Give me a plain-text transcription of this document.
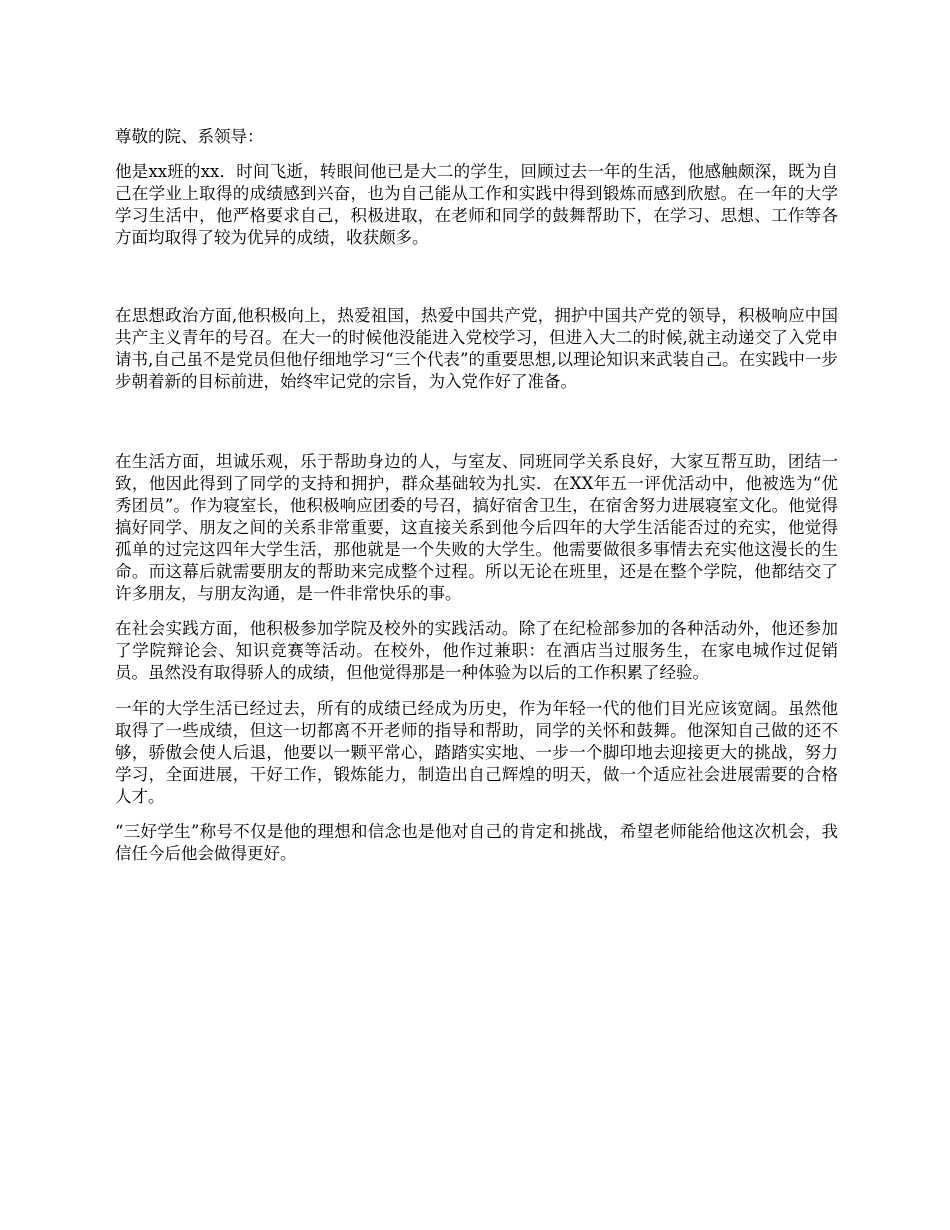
尊敬的院、系领导：

他是xx班的xx．时间飞逝，转眼间他已是大二的学生，回顾过去一年的生活，他感触颇深，既为自己在学业上取得的成绩感到兴奋，也为自己能从工作和实践中得到锻炼而感到欣慰。在一年的大学学习生活中，他严格要求自己，积极进取，在老师和同学的鼓舞帮助下，在学习、思想、工作等各方面均取得了较为优异的成绩，收获颇多。

在思想政治方面,他积极向上，热爱祖国，热爱中国共产党，拥护中国共产党的领导，积极响应中国共产主义青年的号召。在大一的时候他没能进入党校学习，但进入大二的时候,就主动递交了入党申请书,自己虽不是党员但他仔细地学习“三个代表”的重要思想,以理论知识来武装自己。在实践中一步步朝着新的目标前进，始终牢记党的宗旨，为入党作好了准备。

在生活方面，坦诚乐观，乐于帮助身边的人，与室友、同班同学关系良好，大家互帮互助，团结一致，他因此得到了同学的支持和拥护，群众基础较为扎实．在XX年五一评优活动中，他被选为“优秀团员”。作为寝室长，他积极响应团委的号召，搞好宿舍卫生，在宿舍努力进展寝室文化。他觉得搞好同学、朋友之间的关系非常重要，这直接关系到他今后四年的大学生活能否过的充实，他觉得孤单的过完这四年大学生活，那他就是一个失败的大学生。他需要做很多事情去充实他这漫长的生命。而这幕后就需要朋友的帮助来完成整个过程。所以无论在班里，还是在整个学院，他都结交了许多朋友，与朋友沟通，是一件非常快乐的事。

在社会实践方面，他积极参加学院及校外的实践活动。除了在纪检部参加的各种活动外，他还参加了学院辩论会、知识竞赛等活动。在校外，他作过兼职：在酒店当过服务生，在家电城作过促销员。虽然没有取得骄人的成绩，但他觉得那是一种体验为以后的工作积累了经验。

一年的大学生活已经过去，所有的成绩已经成为历史，作为年轻一代的他们目光应该宽阔。虽然他取得了一些成绩，但这一切都离不开老师的指导和帮助，同学的关怀和鼓舞。他深知自己做的还不够，骄傲会使人后退，他要以一颗平常心，踏踏实实地、一步一个脚印地去迎接更大的挑战，努力学习，全面进展，干好工作，锻炼能力，制造出自己辉煌的明天，做一个适应社会进展需要的合格人才。

“三好学生”称号不仅是他的理想和信念也是他对自己的肯定和挑战，希望老师能给他这次机会，我信任今后他会做得更好。
